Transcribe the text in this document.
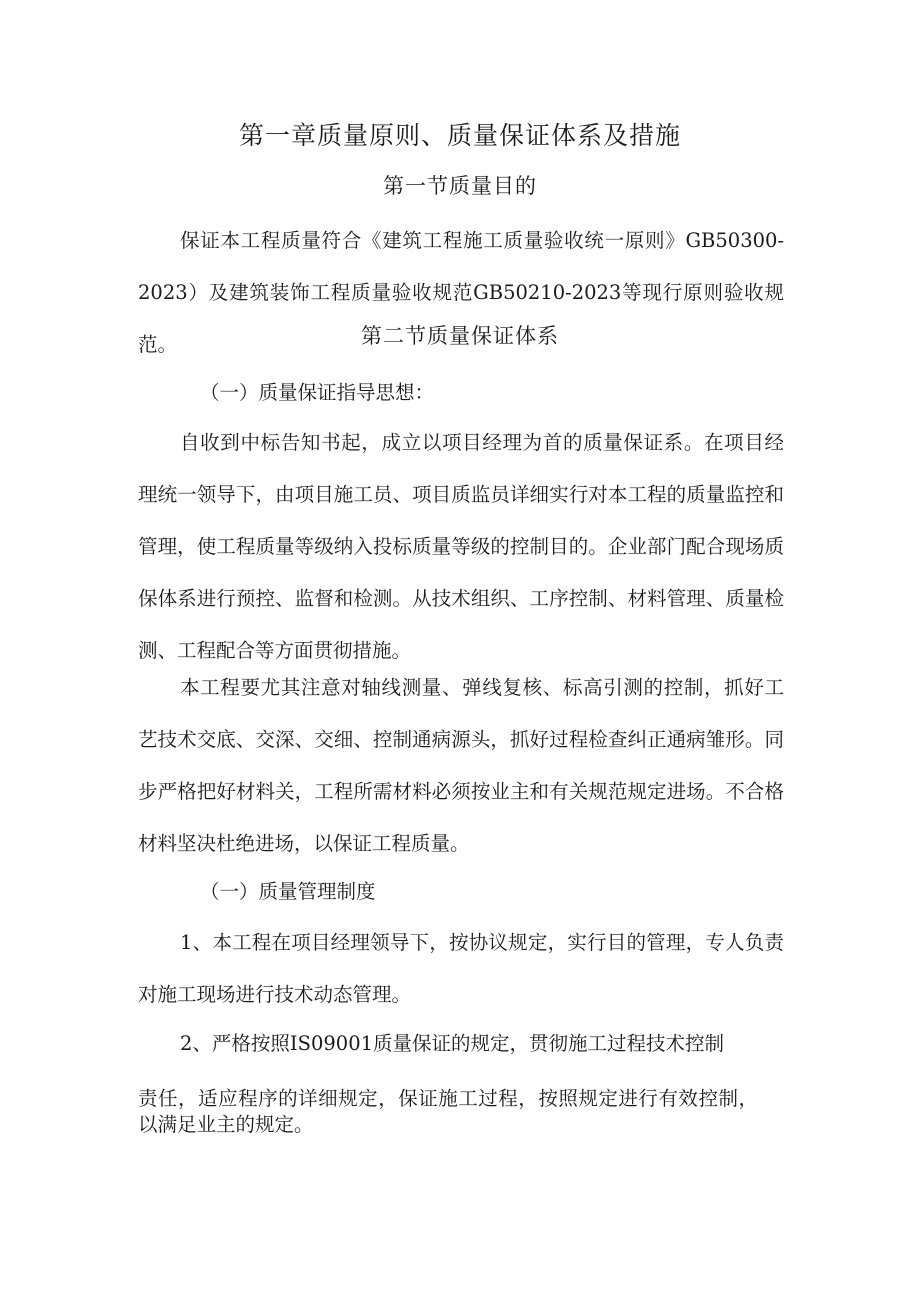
第一章质量原则、质量保证体系及措施
第一节质量目的

保证本工程质量符合《建筑工程施工质量验收统一原则》GB50300-2023）及建筑装饰工程质量验收规范GB50210-2023等现行原则验收规范。	第二节质量保证体系

（一）质量保证指导思想：

自收到中标告知书起，成立以项目经理为首的质量保证系。在项目经理统一领导下，由项目施工员、项目质监员详细实行对本工程的质量监控和管理，使工程质量等级纳入投标质量等级的控制目的。企业部门配合现场质保体系进行预控、监督和检测。从技术组织、工序控制、材料管理、质量检测、工程配合等方面贯彻措施。

本工程要尤其注意对轴线测量、弹线复核、标高引测的控制，抓好工艺技术交底、交深、交细、控制通病源头，抓好过程检查纠正通病雏形。同步严格把好材料关，工程所需材料必须按业主和有关规范规定进场。不合格材料坚决杜绝进场，以保证工程质量。

（一）质量管理制度

1、本工程在项目经理领导下，按协议规定，实行目的管理，专人负责对施工现场进行技术动态管理。

2、严格按照IS09001质量保证的规定，贯彻施工过程技术控制

责任，适应程序的详细规定，保证施工过程，按照规定进行有效控制，以满足业主的规定。
